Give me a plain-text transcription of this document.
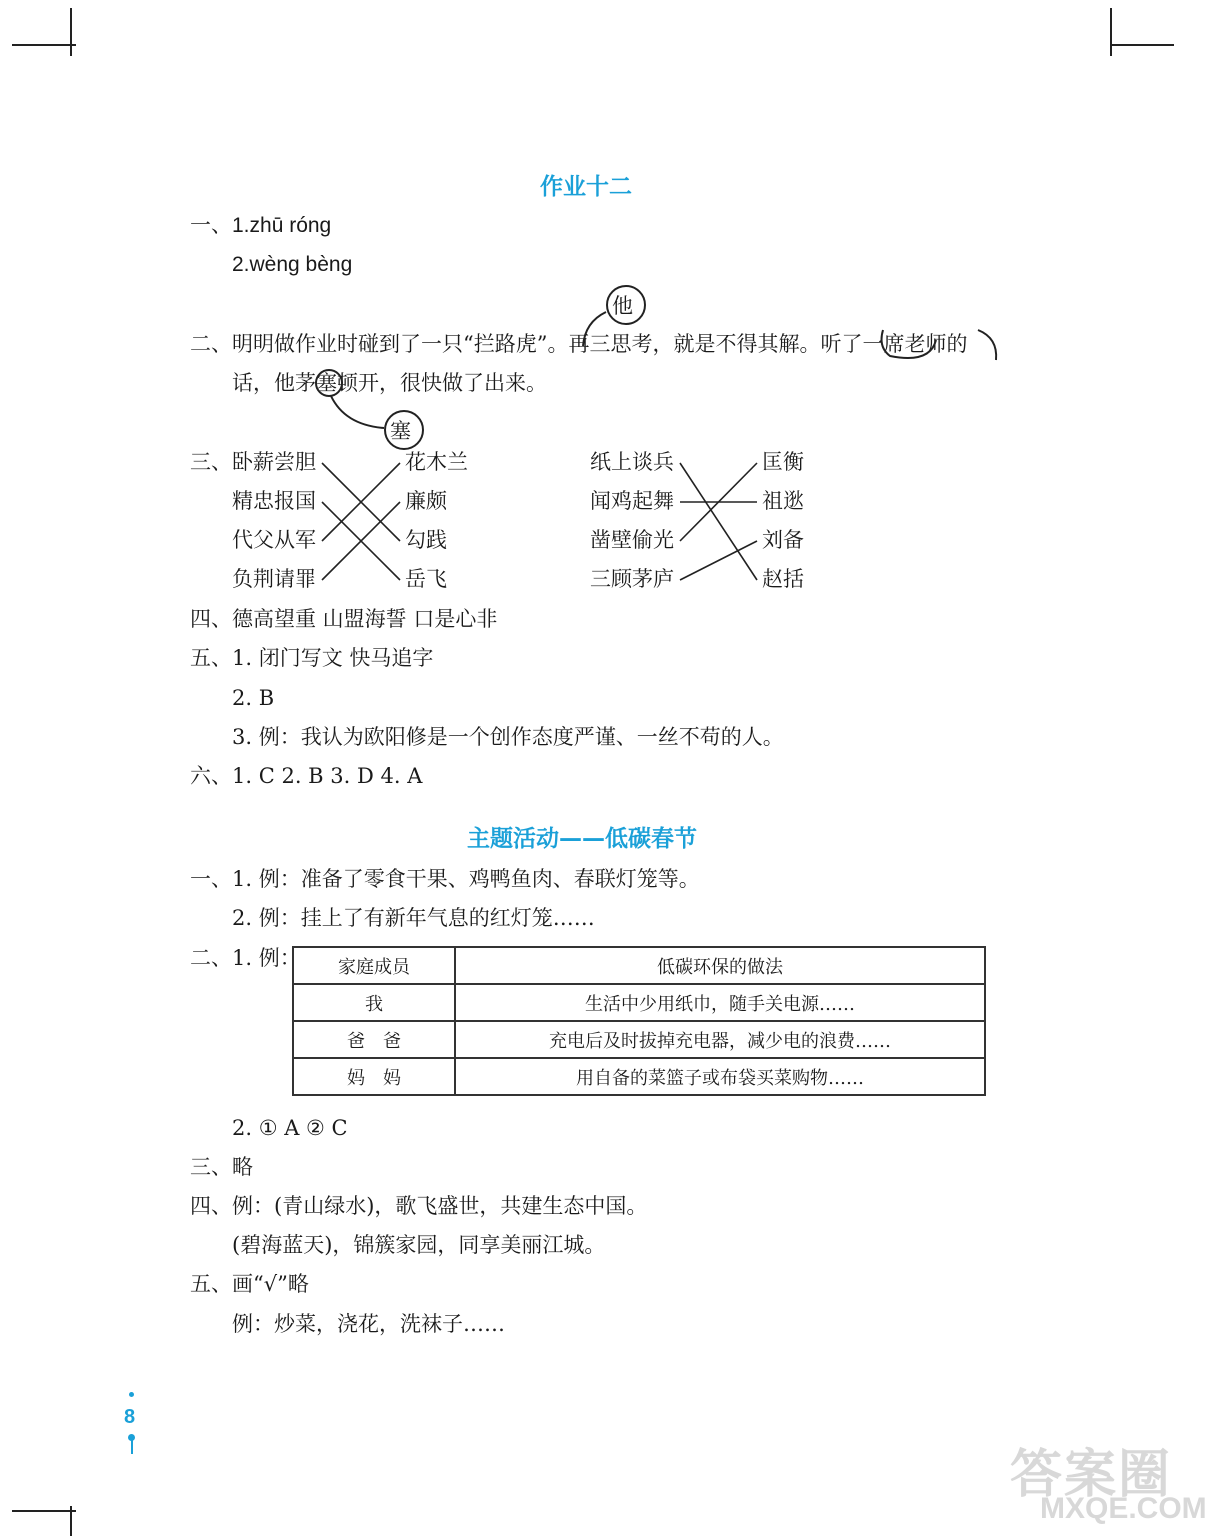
作业十二
一、1.zhū róng
2.wèng bèng
他
二、明明做作业时碰到了一只“拦路虎”。再三思考，就是不得其解。听了一席老师的
话，他茅塞顿开，很快做了出来。
塞
三、 卧薪尝胆
精忠报国
代父从军
负荆请罪
花木兰
廉颇
勾践
岳飞
纸上谈兵
闻鸡起舞
凿壁偷光
三顾茅庐
匡衡
祖逖
刘备
赵括
四、德高望重 山盟海誓 口是心非
五、1. 闭门写文 快马追字
2. B
3. 例：我认为欧阳修是一个创作态度严谨、一丝不苟的人。
六、1. C 2. B 3. D 4. A
主题活动——低碳春节
一、1. 例：准备了零食干果、鸡鸭鱼肉、春联灯笼等。
2. 例：挂上了有新年气息的红灯笼……
二、1. 例： 家庭成员	低碳环保的做法
我	生活中少用纸巾，随手关电源……
爸　爸	充电后及时拔掉充电器，减少电的浪费……
妈　妈	用自备的菜篮子或布袋买菜购物……
2. ① A ② C
三、略
四、例：(青山绿水)，歌飞盛世，共建生态中国。
(碧海蓝天)，锦簇家园，同享美丽江城。
五、画“√”略
例：炒菜，浇花，洗袜子……
8
答案圈
MXQE.COM
